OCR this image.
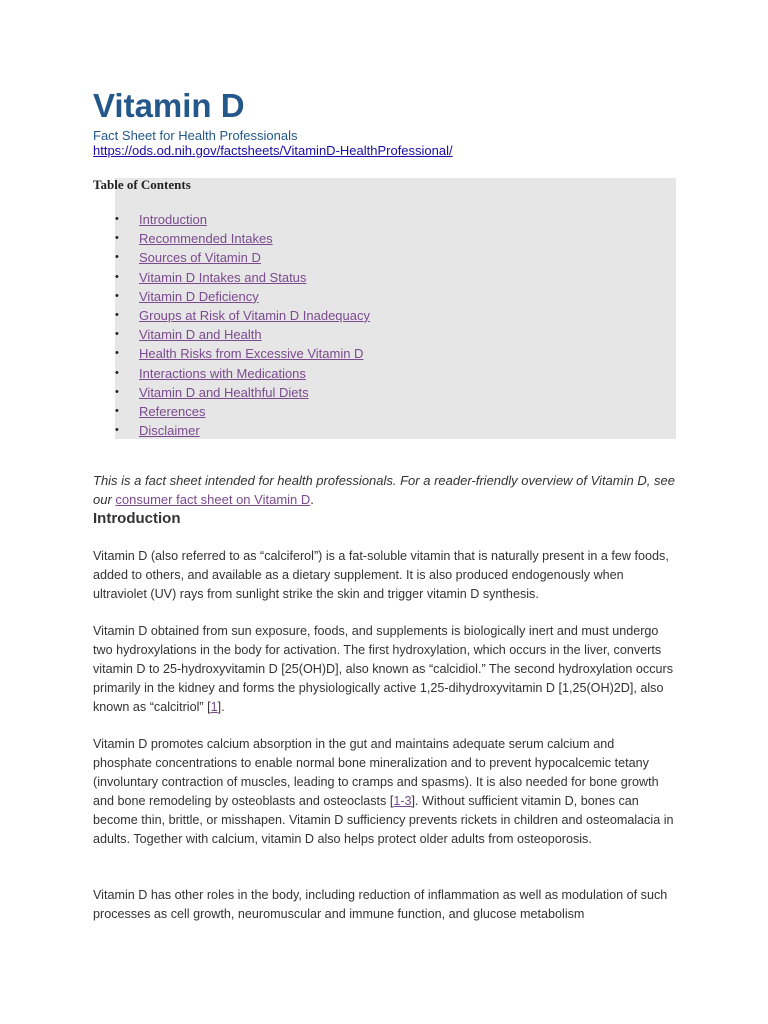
Vitamin D
Fact Sheet for Health Professionals
https://ods.od.nih.gov/factsheets/VitaminD-HealthProfessional/
Table of Contents
• Introduction
• Recommended Intakes
• Sources of Vitamin D
• Vitamin D Intakes and Status
• Vitamin D Deficiency
• Groups at Risk of Vitamin D Inadequacy
• Vitamin D and Health
• Health Risks from Excessive Vitamin D
• Interactions with Medications
• Vitamin D and Healthful Diets
• References
• Disclaimer

This is a fact sheet intended for health professionals. For a reader-friendly overview of Vitamin D, see our consumer fact sheet on Vitamin D.

Introduction

Vitamin D (also referred to as “calciferol”) is a fat-soluble vitamin that is naturally present in a few foods, added to others, and available as a dietary supplement. It is also produced endogenously when ultraviolet (UV) rays from sunlight strike the skin and trigger vitamin D synthesis.

Vitamin D obtained from sun exposure, foods, and supplements is biologically inert and must undergo two hydroxylations in the body for activation. The first hydroxylation, which occurs in the liver, converts vitamin D to 25-hydroxyvitamin D [25(OH)D], also known as “calcidiol.” The second hydroxylation occurs primarily in the kidney and forms the physiologically active 1,25-dihydroxyvitamin D [1,25(OH)2D], also known as “calcitriol” [1].

Vitamin D promotes calcium absorption in the gut and maintains adequate serum calcium and phosphate concentrations to enable normal bone mineralization and to prevent hypocalcemic tetany (involuntary contraction of muscles, leading to cramps and spasms). It is also needed for bone growth and bone remodeling by osteoblasts and osteoclasts [1-3]. Without sufficient vitamin D, bones can become thin, brittle, or misshapen. Vitamin D sufficiency prevents rickets in children and osteomalacia in adults. Together with calcium, vitamin D also helps protect older adults from osteoporosis.

Vitamin D has other roles in the body, including reduction of inflammation as well as modulation of such processes as cell growth, neuromuscular and immune function, and glucose metabolism
